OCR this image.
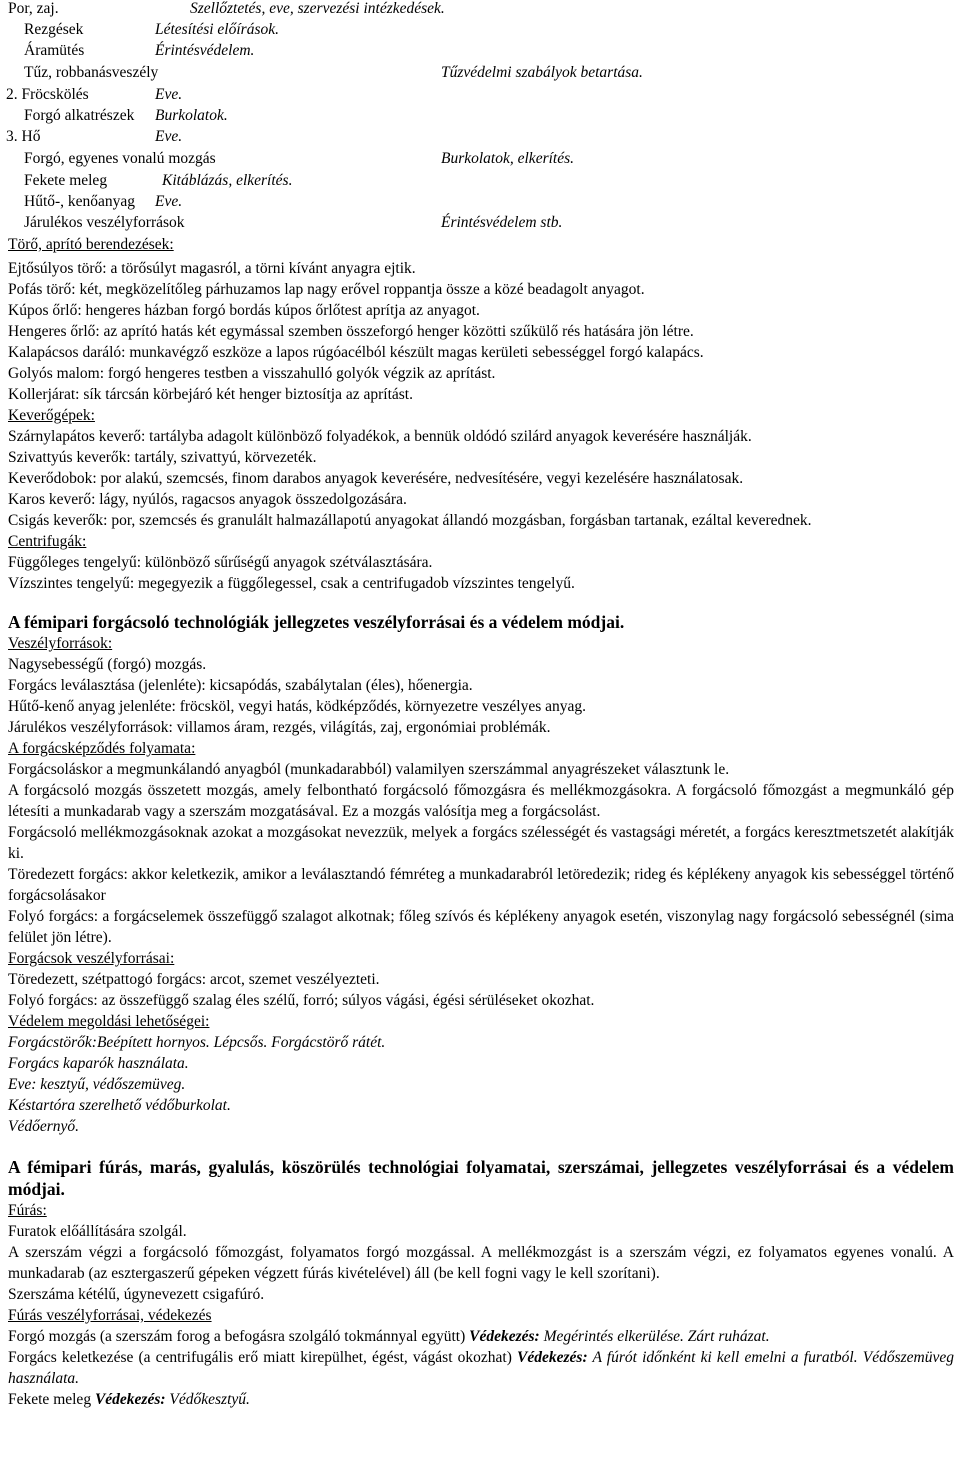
Por, zaj.	Szellőztetés, eve, szervezési intézkedések.
Rezgések	Létesítési előírások.
Áramütés	Érintésvédelem.
Tűz, robbanásveszély	Tűzvédelmi szabályok betartása.
2. Fröcskölés	Eve.
Forgó alkatrészek Burkolatok.
3. Hő	Eve.
Forgó, egyenes vonalú mozgás	Burkolatok, elkerítés.
Fekete meleg	Kitáblázás, elkerítés.
Hűtő-, kenőanyag Eve.
Járulékos veszélyforrások	Érintésvédelem stb.
Törő, aprító berendezések:

Ejtősúlyos törő: a törősúlyt magasról, a törni kívánt anyagra ejtik.

Pofás törő: két, megközelítőleg párhuzamos lap nagy erővel roppantja össze a közé beadagolt anyagot.

Kúpos őrlő: hengeres házban forgó bordás kúpos őrlőtest aprítja az anyagot.

Hengeres őrlő: az aprító hatás két egymással szemben összeforgó henger közötti szűkülő rés hatására jön létre.

Kalapácsos daráló: munkavégző eszköze a lapos rúgóacélból készült magas kerületi sebességgel forgó kalapács.

Golyós malom: forgó hengeres testben a visszahulló golyók végzik az aprítást.

Kollerjárat: sík tárcsán körbejáró két henger biztosítja az aprítást.

Keverőgépek:

Szárnylapátos keverő: tartályba adagolt különböző folyadékok, a bennük oldódó szilárd anyagok keverésére használják.

Szivattyús keverők: tartály, szivattyú, körvezeték.

Keverődobok: por alakú, szemcsés, finom darabos anyagok keverésére, nedvesítésére, vegyi kezelésére használatosak.

Karos keverő: lágy, nyúlós, ragacsos anyagok összedolgozására.

Csigás keverők: por, szemcsés és granulált halmazállapotú anyagokat állandó mozgásban, forgásban tartanak, ezáltal keverednek.

Centrifugák:

Függőleges tengelyű: különböző sűrűségű anyagok szétválasztására.

Vízszintes tengelyű: megegyezik a függőlegessel, csak a centrifugadob vízszintes tengelyű.

A fémipari forgácsoló technológiák jellegzetes veszélyforrásai és a védelem módjai.

Veszélyforrások:

Nagysebességű (forgó) mozgás.

Forgács leválasztása (jelenléte): kicsapódás, szabálytalan (éles), hőenergia.

Hűtő-kenő anyag jelenléte: fröcsköl, vegyi hatás, ködképződés, környezetre veszélyes anyag.

Járulékos veszélyforrások: villamos áram, rezgés, világítás, zaj, ergonómiai problémák.

A forgácsképződés folyamata:

Forgácsoláskor a megmunkálandó anyagból (munkadarabból) valamilyen szerszámmal anyagrészeket választunk le.

A forgácsoló mozgás összetett mozgás, amely felbontható forgácsoló főmozgásra és mellékmozgásokra. A forgácsoló főmozgást a megmunkáló gép létesíti a munkadarab vagy a szerszám mozgatásával. Ez a mozgás valósítja meg a forgácsolást.

Forgácsoló mellékmozgásoknak azokat a mozgásokat nevezzük, melyek a forgács szélességét és vastagsági méretét, a forgács keresztmetszetét alakítják ki.

Töredezett forgács: akkor keletkezik, amikor a leválasztandó fémréteg a munkadarabról letöredezik; rideg és képlékeny anyagok kis sebességgel történő forgácsolásakor

Folyó forgács: a forgácselemek összefüggő szalagot alkotnak; főleg szívós és képlékeny anyagok esetén, viszonylag nagy forgácsoló sebességnél (sima felület jön létre).

Forgácsok veszélyforrásai:

Töredezett, szétpattogó forgács: arcot, szemet veszélyezteti.

Folyó forgács: az összefüggő szalag éles szélű, forró; súlyos vágási, égési sérüléseket okozhat.

Védelem megoldási lehetőségei:

Forgácstörők:Beépített hornyos. Lépcsős. Forgácstörő rátét.

Forgács kaparók használata.

Eve: kesztyű, védőszemüveg.

Késtartóra szerelhető védőburkolat.

Védőernyő.

A fémipari fúrás, marás, gyalulás, köszörülés technológiai folyamatai, szerszámai, jellegzetes veszélyforrásai és a védelem módjai.

Fúrás:

Furatok előállítására szolgál.

A szerszám végzi a forgácsoló főmozgást, folyamatos forgó mozgással. A mellékmozgást is a szerszám végzi, ez folyamatos egyenes vonalú. A munkadarab (az esztergaszerű gépeken végzett fúrás kivételével) áll (be kell fogni vagy le kell szorítani).

Szerszáma kétélű, úgynevezett csigafúró.

Fúrás veszélyforrásai, védekezés

Forgó mozgás (a szerszám forog a befogásra szolgáló tokmánnyal együtt) Védekezés: Megérintés elkerülése. Zárt ruházat.

Forgács keletkezése (a centrifugális erő miatt kirepülhet, égést, vágást okozhat) Védekezés: A fúrót időnként ki kell emelni a furatból. Védőszemüveg használata.

Fekete meleg Védekezés: Védőkesztyű.
